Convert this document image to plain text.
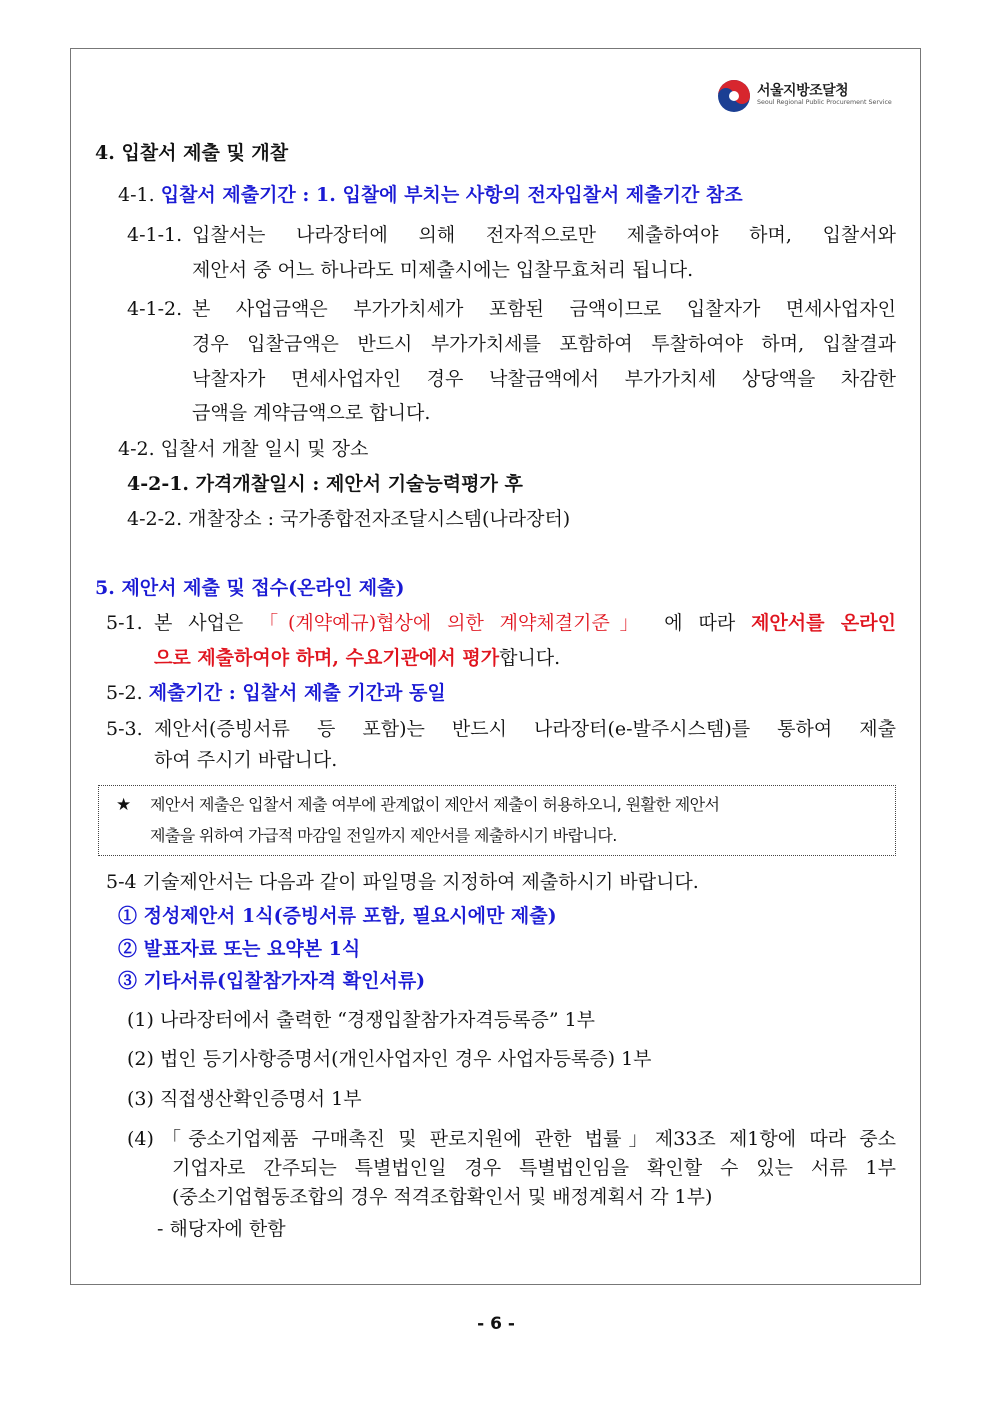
서울지방조달청
Seoul Regional Public Procurement Service
4. 입찰서 제출 및 개찰
4-1. 입찰서 제출기간 : 1. 입찰에 부치는 사항의 전자입찰서 제출기간 참조
4-1-1. 입찰서는 나라장터에 의해 전자적으로만 제출하여야 하며, 입찰서와
제안서 중 어느 하나라도 미제출시에는 입찰무효처리 됩니다.
4-1-2. 본 사업금액은 부가가치세가 포함된 금액이므로 입찰자가 면세사업자인
경우 입찰금액은 반드시 부가가치세를 포함하여 투찰하여야 하며, 입찰결과
낙찰자가 면세사업자인 경우 낙찰금액에서 부가가치세 상당액을 차감한
금액을 계약금액으로 합니다.
4-2. 입찰서 개찰 일시 및 장소
4-2-1. 가격개찰일시 : 제안서 기술능력평가 후
4-2-2. 개찰장소 : 국가종합전자조달시스템(나라장터)
5. 제안서 제출 및 접수(온라인 제출)
5-1. 본 사업은 「(계약예규)협상에 의한 계약체결기준」 에 따라 제안서를 온라인
으로 제출하여야 하며, 수요기관에서 평가합니다.
5-2. 제출기간 : 입찰서 제출 기간과 동일
5-3. 제안서(증빙서류 등 포함)는 반드시 나라장터(e-발주시스템)를 통하여 제출
하여 주시기 바랍니다.
★ 제안서 제출은 입찰서 제출 여부에 관계없이 제안서 제출이 허용하오니, 원활한 제안서
제출을 위하여 가급적 마감일 전일까지 제안서를 제출하시기 바랍니다.
5-4 기술제안서는 다음과 같이 파일명을 지정하여 제출하시기 바랍니다.
① 정성제안서 1식(증빙서류 포함, 필요시에만 제출)
② 발표자료 또는 요약본 1식
③ 기타서류(입찰참가자격 확인서류)
(1) 나라장터에서 출력한 “경쟁입찰참가자격등록증” 1부
(2) 법인 등기사항증명서(개인사업자인 경우 사업자등록증) 1부
(3) 직접생산확인증명서 1부
(4) 「중소기업제품 구매촉진 및 판로지원에 관한 법률」제33조 제1항에 따라 중소
기업자로 간주되는 특별법인일 경우 특별법인임을 확인할 수 있는 서류 1부
(중소기업협동조합의 경우 적격조합확인서 및 배정계획서 각 1부)
- 해당자에 한함
- 6 -
